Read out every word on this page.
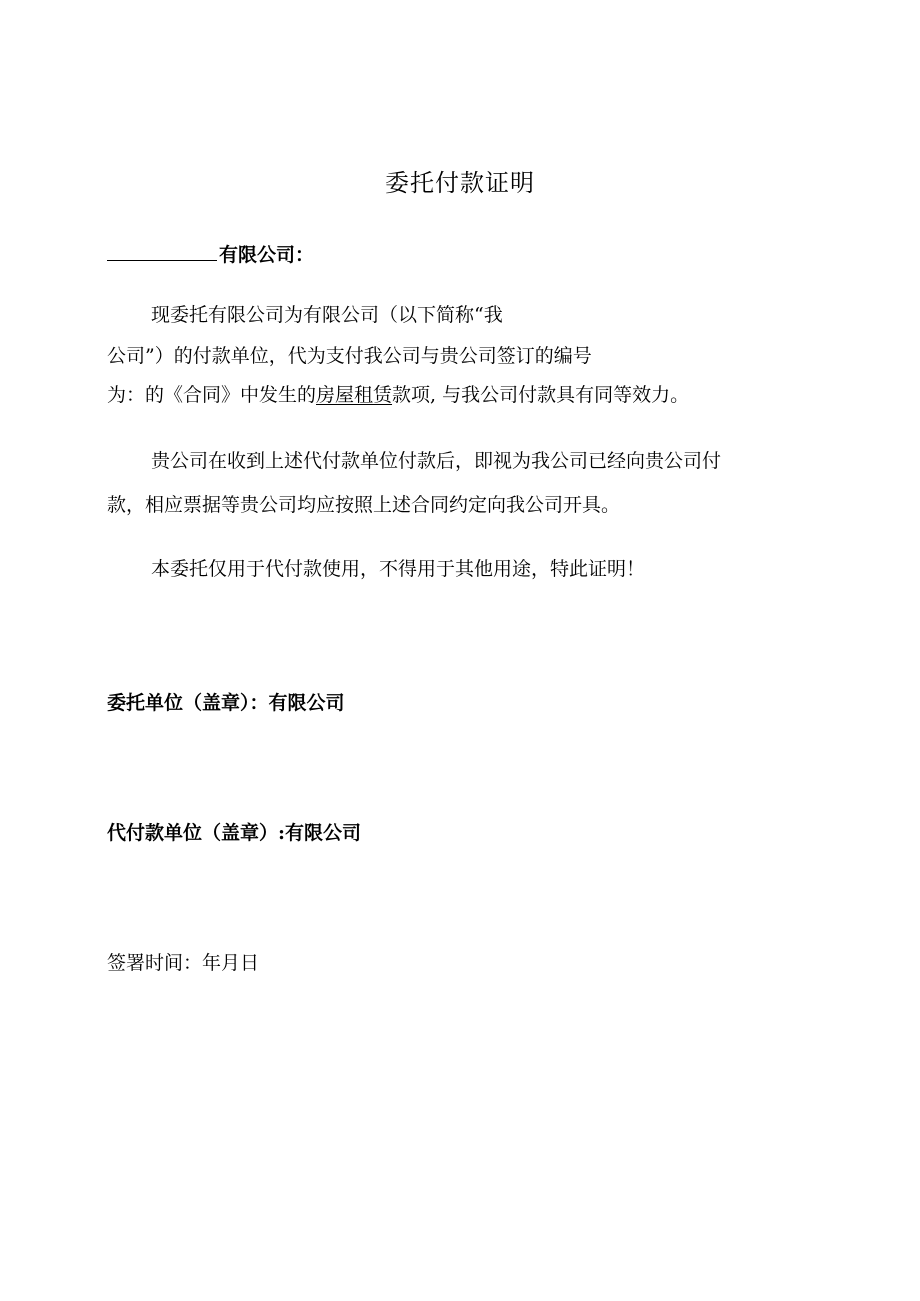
委托付款证明
有限公司：
现委托有限公司为有限公司（以下简称“我
公司”）的付款单位，代为支付我公司与贵公司签订的编号
为：的《合同》中发生的房屋租赁款项, 与我公司付款具有同等效力。
贵公司在收到上述代付款单位付款后，即视为我公司已经向贵公司付
款，相应票据等贵公司均应按照上述合同约定向我公司开具。
本委托仅用于代付款使用，不得用于其他用途，特此证明！
委托单位（盖章）：有限公司
代付款单位（盖章）:有限公司
签署时间：年月日
